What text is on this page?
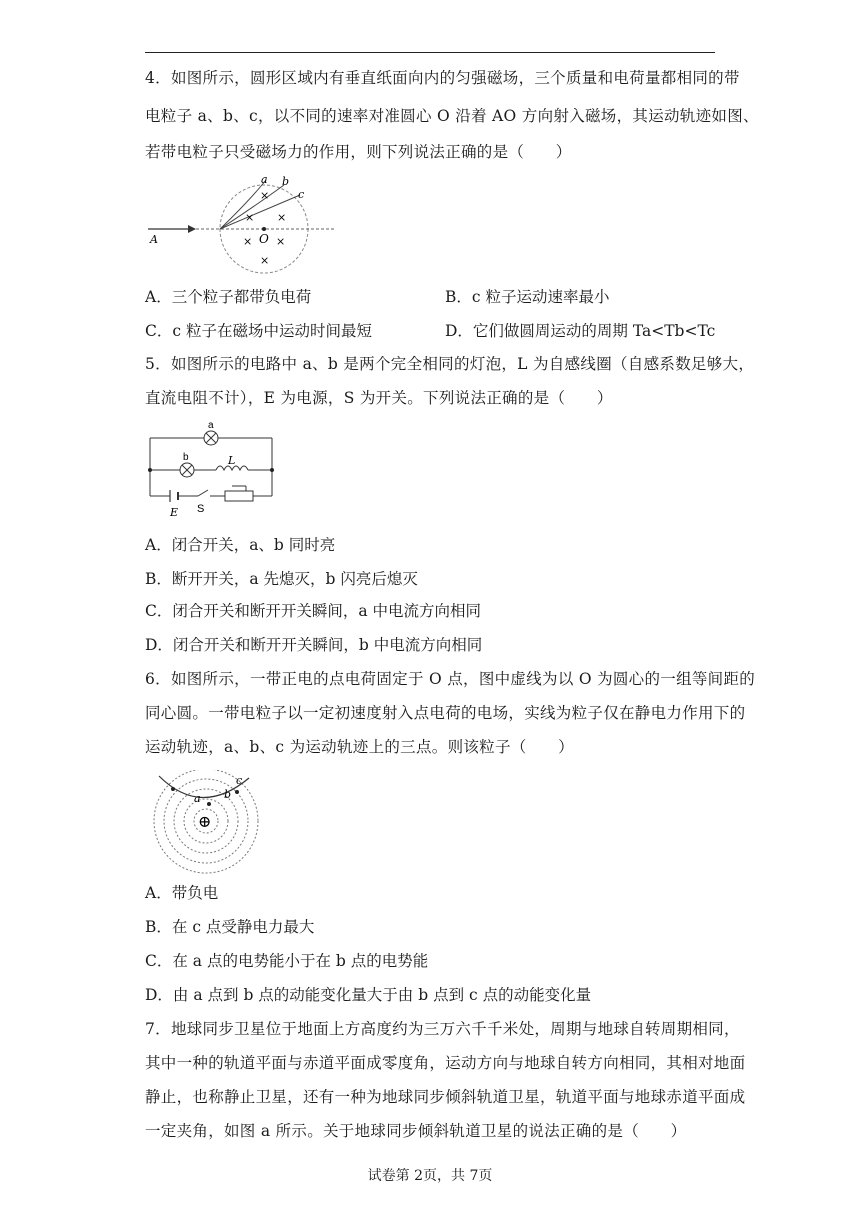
4．如图所示，圆形区域内有垂直纸面向内的匀强磁场，三个质量和电荷量都相同的带
电粒子 a、b、c，以不同的速率对准圆心 O 沿着 AO 方向射入磁场，其运动轨迹如图、
若带电粒子只受磁场力的作用，则下列说法正确的是（　　）
A	O
a b
c
×
× ×
× ×
×
A．三个粒子都带负电荷	B．c 粒子运动速率最小
C．c 粒子在磁场中运动时间最短	D．它们做圆周运动的周期 Ta<Tb<Tc
5．如图所示的电路中 a、b 是两个完全相同的灯泡，L 为自感线圈（自感系数足够大，
直流电阻不计），E 为电源，S 为开关。下列说法正确的是（　　）
a
b	L
E S
A．闭合开关，a、b 同时亮
B．断开开关，a 先熄灭，b 闪亮后熄灭
C．闭合开关和断开开关瞬间，a 中电流方向相同
D．闭合开关和断开开关瞬间，b 中电流方向相同
6．如图所示，一带正电的点电荷固定于 O 点，图中虚线为以 O 为圆心的一组等间距的
同心圆。一带电粒子以一定初速度射入点电荷的电场，实线为粒子仅在静电力作用下的
运动轨迹，a、b、c 为运动轨迹上的三点。则该粒子（　　）
a b
c
⊕
A．带负电
B．在 c 点受静电力最大
C．在 a 点的电势能小于在 b 点的电势能
D．由 a 点到 b 点的动能变化量大于由 b 点到 c 点的动能变化量
7．地球同步卫星位于地面上方高度约为三万六千千米处，周期与地球自转周期相同，
其中一种的轨道平面与赤道平面成零度角，运动方向与地球自转方向相同，其相对地面
静止，也称静止卫星，还有一种为地球同步倾斜轨道卫星，轨道平面与地球赤道平面成
一定夹角，如图 a 所示。关于地球同步倾斜轨道卫星的说法正确的是（　　）
试卷第 2页，共 7页
